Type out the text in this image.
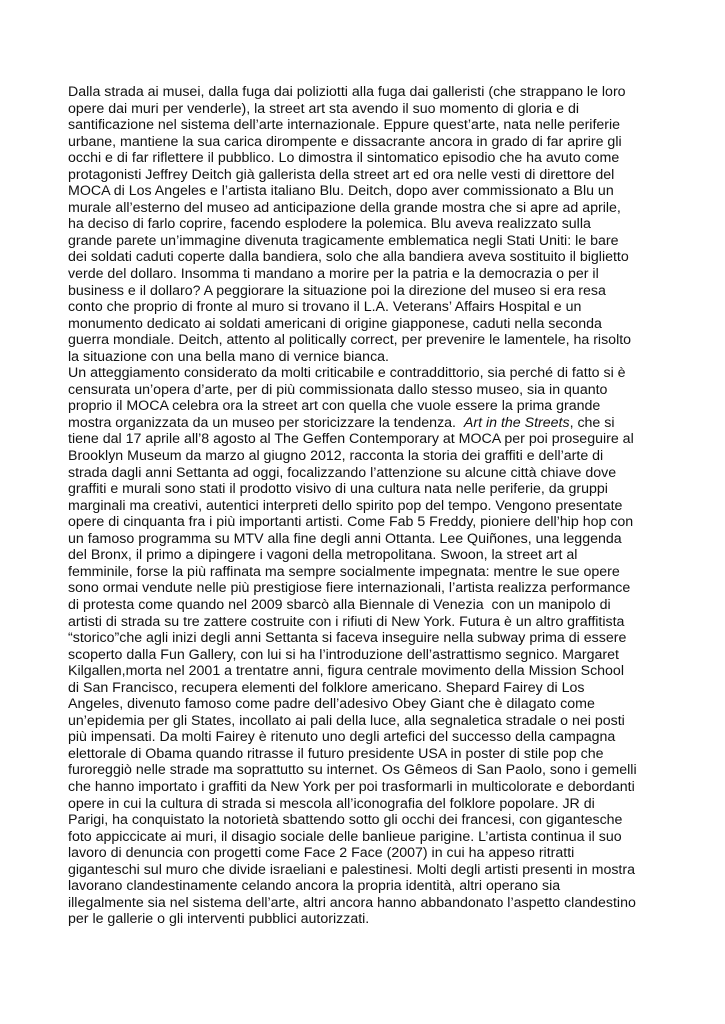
Dalla strada ai musei, dalla fuga dai poliziotti alla fuga dai galleristi (che strappano le loro
opere dai muri per venderle), la street art sta avendo il suo momento di gloria e di
santificazione nel sistema dell’arte internazionale. Eppure quest’arte, nata nelle periferie
urbane, mantiene la sua carica dirompente e dissacrante ancora in grado di far aprire gli
occhi e di far riflettere il pubblico. Lo dimostra il sintomatico episodio che ha avuto come
protagonisti Jeffrey Deitch già gallerista della street art ed ora nelle vesti di direttore del
MOCA di Los Angeles e l’artista italiano Blu. Deitch, dopo aver commissionato a Blu un
murale all’esterno del museo ad anticipazione della grande mostra che si apre ad aprile,
ha deciso di farlo coprire, facendo esplodere la polemica. Blu aveva realizzato sulla
grande parete un’immagine divenuta tragicamente emblematica negli Stati Uniti: le bare
dei soldati caduti coperte dalla bandiera, solo che alla bandiera aveva sostituito il biglietto
verde del dollaro. Insomma ti mandano a morire per la patria e la democrazia o per il
business e il dollaro? A peggiorare la situazione poi la direzione del museo si era resa
conto che proprio di fronte al muro si trovano il L.A. Veterans’ Affairs Hospital e un
monumento dedicato ai soldati americani di origine giapponese, caduti nella seconda
guerra mondiale. Deitch, attento al politically correct, per prevenire le lamentele, ha risolto
la situazione con una bella mano di vernice bianca.
Un atteggiamento considerato da molti criticabile e contraddittorio, sia perché di fatto si è
censurata un’opera d’arte, per di più commissionata dallo stesso museo, sia in quanto
proprio il MOCA celebra ora la street art con quella che vuole essere la prima grande
mostra organizzata da un museo per storicizzare la tendenza.  Art in the Streets, che si
tiene dal 17 aprile all’8 agosto al The Geffen Contemporary at MOCA per poi proseguire al
Brooklyn Museum da marzo al giugno 2012, racconta la storia dei graffiti e dell’arte di
strada dagli anni Settanta ad oggi, focalizzando l’attenzione su alcune città chiave dove
graffiti e murali sono stati il prodotto visivo di una cultura nata nelle periferie, da gruppi
marginali ma creativi, autentici interpreti dello spirito pop del tempo. Vengono presentate
opere di cinquanta fra i più importanti artisti. Come Fab 5 Freddy, pioniere dell’hip hop con
un famoso programma su MTV alla fine degli anni Ottanta. Lee Quiñones, una leggenda
del Bronx, il primo a dipingere i vagoni della metropolitana. Swoon, la street art al
femminile, forse la più raffinata ma sempre socialmente impegnata: mentre le sue opere
sono ormai vendute nelle più prestigiose fiere internazionali, l’artista realizza performance
di protesta come quando nel 2009 sbarcò alla Biennale di Venezia  con un manipolo di
artisti di strada su tre zattere costruite con i rifiuti di New York. Futura è un altro graffitista
“storico”che agli inizi degli anni Settanta si faceva inseguire nella subway prima di essere
scoperto dalla Fun Gallery, con lui si ha l’introduzione dell’astrattismo segnico. Margaret
Kilgallen,morta nel 2001 a trentatre anni, figura centrale movimento della Mission School
di San Francisco, recupera elementi del folklore americano. Shepard Fairey di Los
Angeles, divenuto famoso come padre dell’adesivo Obey Giant che è dilagato come
un’epidemia per gli States, incollato ai pali della luce, alla segnaletica stradale o nei posti
più impensati. Da molti Fairey è ritenuto uno degli artefici del successo della campagna
elettorale di Obama quando ritrasse il futuro presidente USA in poster di stile pop che
furoreggiò nelle strade ma soprattutto su internet. Os Gêmeos di San Paolo, sono i gemelli
che hanno importato i graffiti da New York per poi trasformarli in multicolorate e debordanti
opere in cui la cultura di strada si mescola all’iconografia del folklore popolare. JR di
Parigi, ha conquistato la notorietà sbattendo sotto gli occhi dei francesi, con gigantesche
foto appiccicate ai muri, il disagio sociale delle banlieue parigine. L’artista continua il suo
lavoro di denuncia con progetti come Face 2 Face (2007) in cui ha appeso ritratti
giganteschi sul muro che divide israeliani e palestinesi. Molti degli artisti presenti in mostra
lavorano clandestinamente celando ancora la propria identità, altri operano sia
illegalmente sia nel sistema dell’arte, altri ancora hanno abbandonato l’aspetto clandestino
per le gallerie o gli interventi pubblici autorizzati.
